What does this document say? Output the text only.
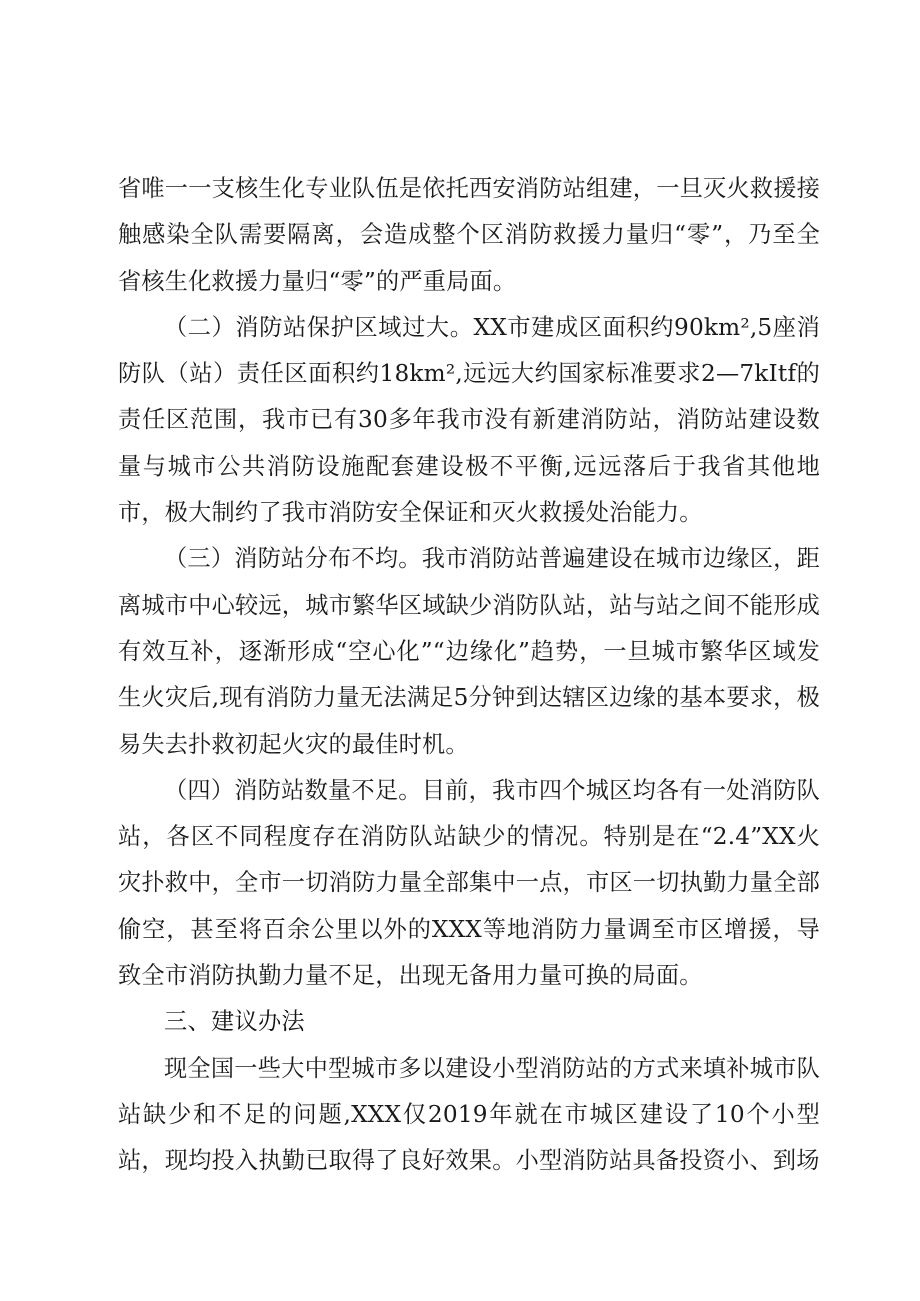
省唯一一支核生化专业队伍是依托西安消防站组建，一旦灭火救援接触感染全队需要隔离，会造成整个区消防救援力量归“零”，乃至全省核生化救援力量归“零”的严重局面。

（二）消防站保护区域过大。XX市建成区面积约90km²,5座消防队（站）责任区面积约18km²,远远大约国家标准要求2—7kItf的责任区范围，我市已有30多年我市没有新建消防站，消防站建设数量与城市公共消防设施配套建设极不平衡,远远落后于我省其他地市，极大制约了我市消防安全保证和灭火救援处治能力。

（三）消防站分布不均。我市消防站普遍建设在城市边缘区，距离城市中心较远，城市繁华区域缺少消防队站，站与站之间不能形成有效互补，逐渐形成“空心化”“边缘化”趋势，一旦城市繁华区域发生火灾后,现有消防力量无法满足5分钟到达辖区边缘的基本要求，极易失去扑救初起火灾的最佳时机。

（四）消防站数量不足。目前，我市四个城区均各有一处消防队站，各区不同程度存在消防队站缺少的情况。特别是在“2.4”XX火灾扑救中，全市一切消防力量全部集中一点，市区一切执勤力量全部偷空，甚至将百余公里以外的XXX等地消防力量调至市区增援，导致全市消防执勤力量不足，出现无备用力量可换的局面。

三、建议办法

现全国一些大中型城市多以建设小型消防站的方式来填补城市队站缺少和不足的问题,XXX仅2019年就在市城区建设了10个小型站，现均投入执勤已取得了良好效果。小型消防站具备投资小、到场
